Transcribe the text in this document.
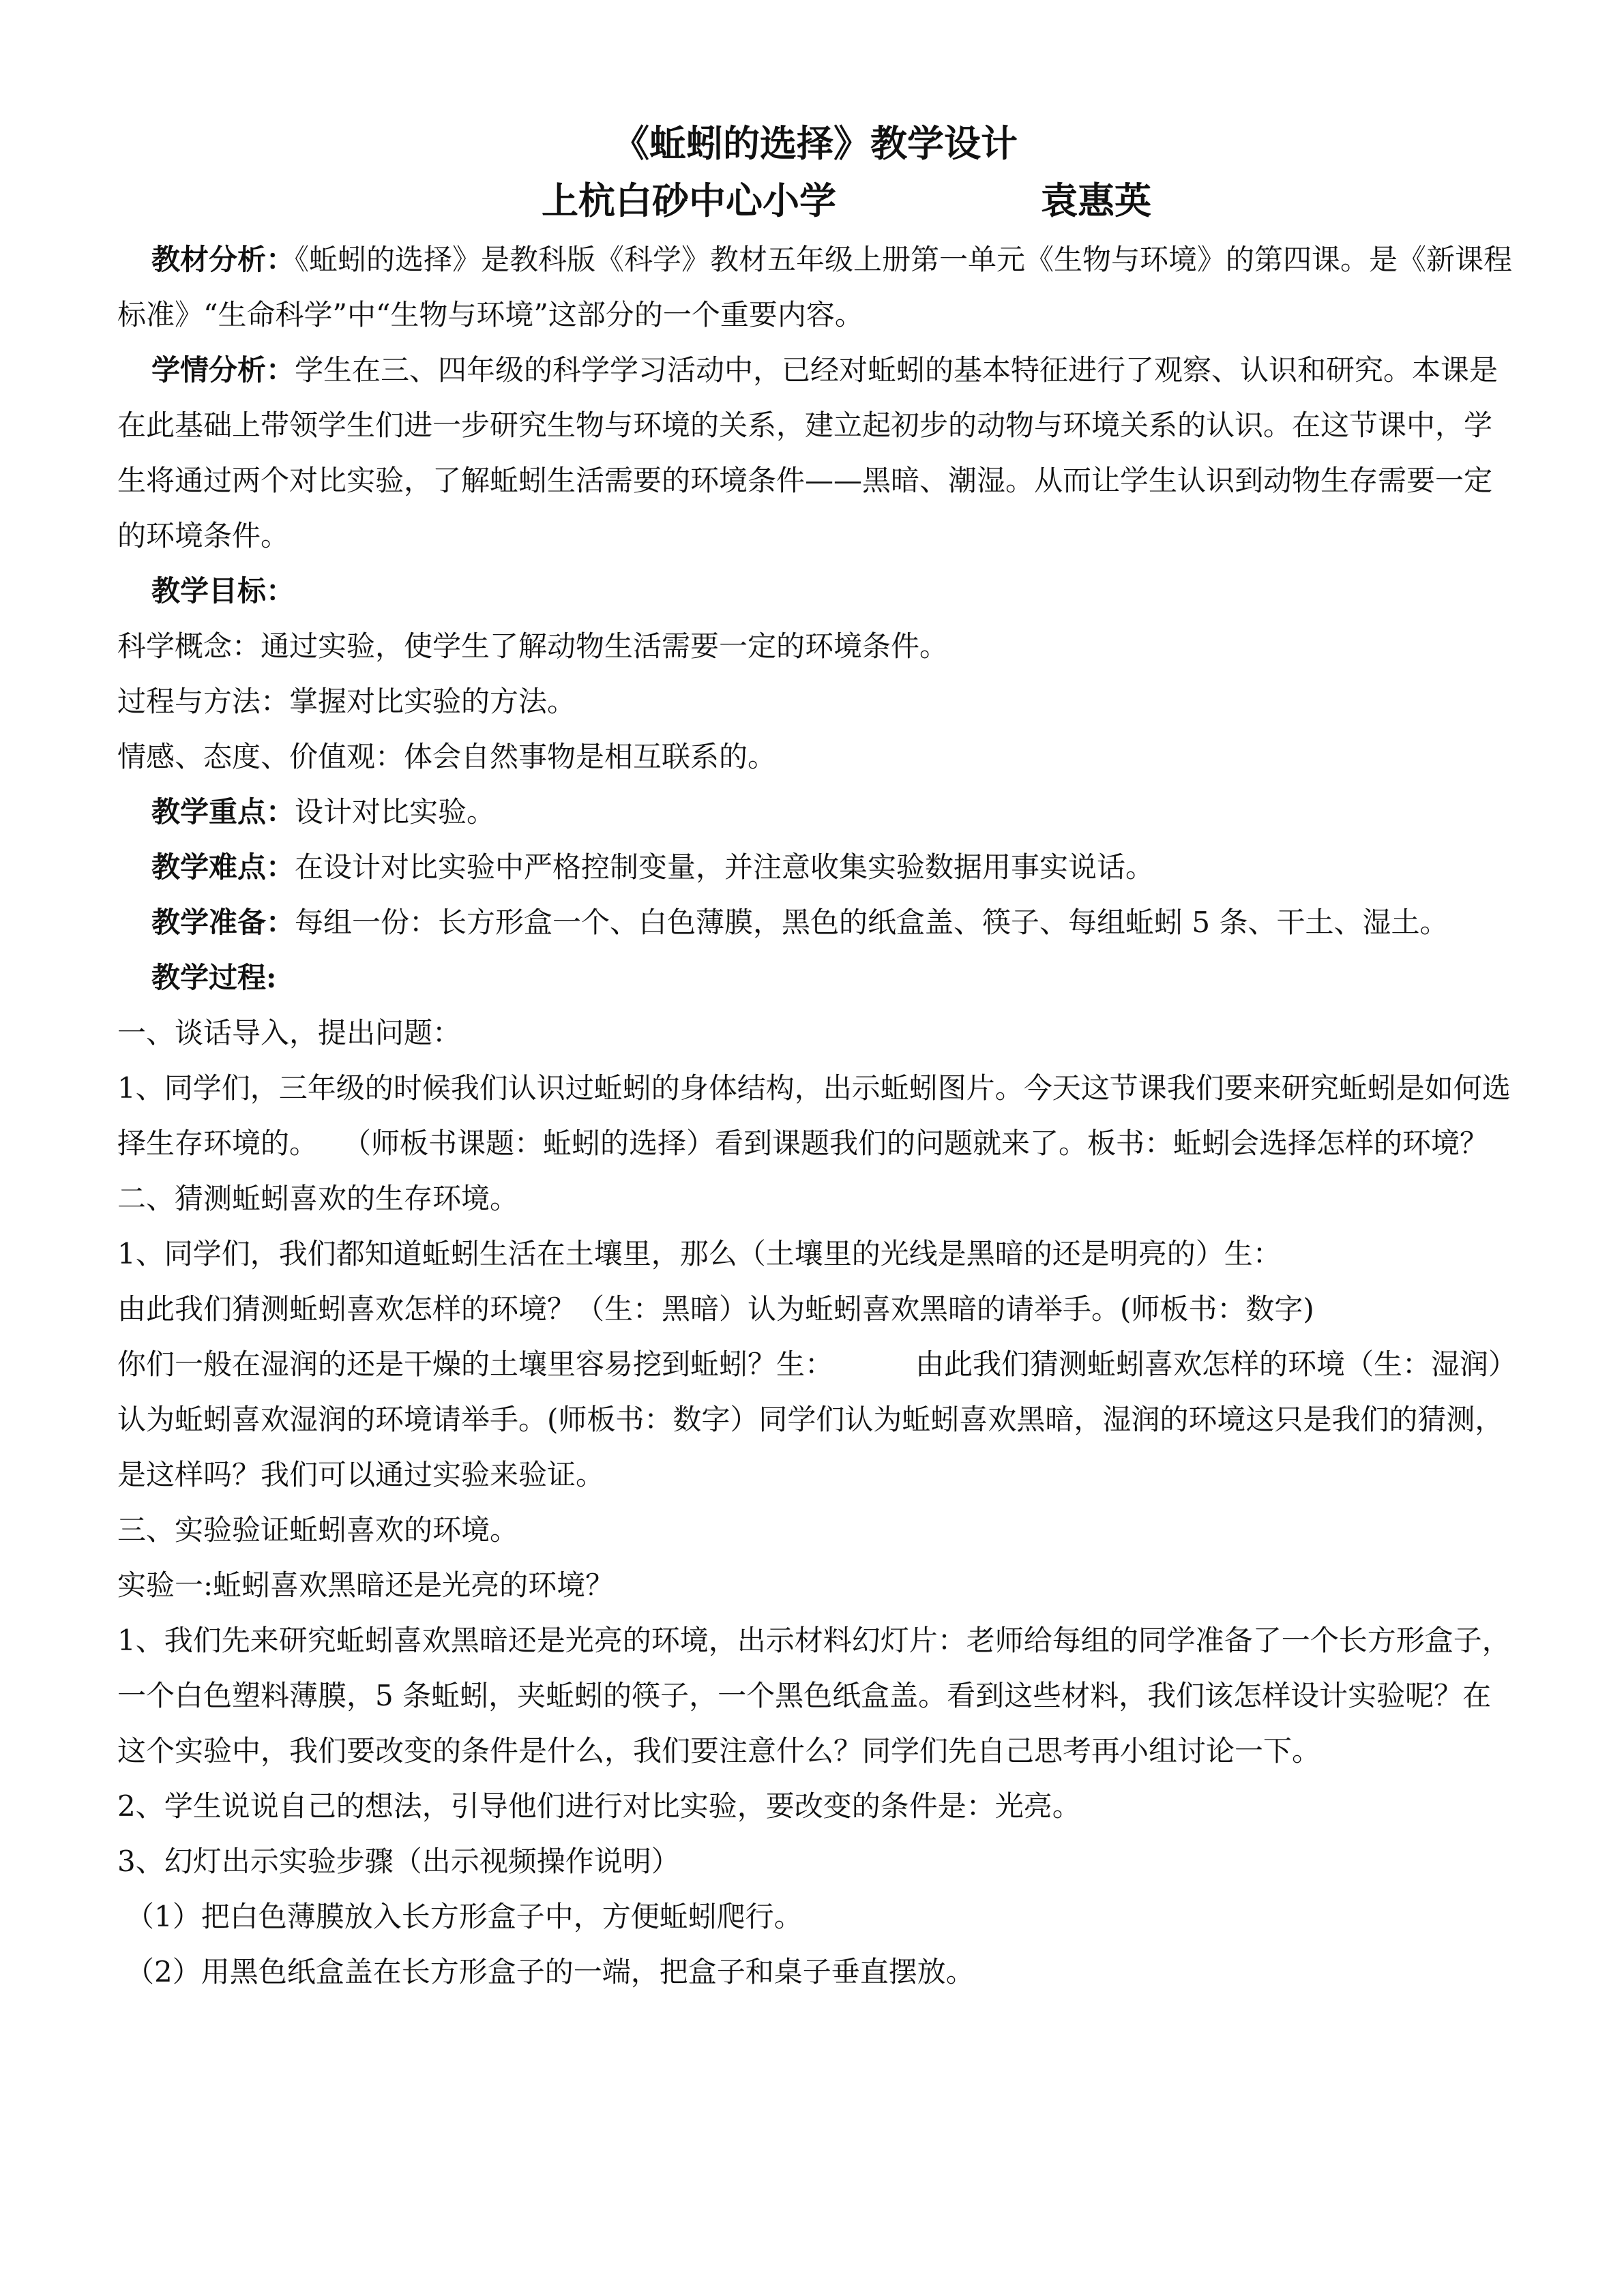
《蚯蚓的选择》教学设计
上杭白砂中心小学	袁惠英

教材分析：《蚯蚓的选择》是教科版《科学》教材五年级上册第一单元《生物与环境》的第四课。是《新课程标准》“生命科学”中“生物与环境”这部分的一个重要内容。

学情分析：学生在三、四年级的科学学习活动中，已经对蚯蚓的基本特征进行了观察、认识和研究。本课是在此基础上带领学生们进一步研究生物与环境的关系，建立起初步的动物与环境关系的认识。在这节课中，学生将通过两个对比实验，了解蚯蚓生活需要的环境条件——黑暗、潮湿。从而让学生认识到动物生存需要一定的环境条件。

教学目标：

科学概念：通过实验，使学生了解动物生活需要一定的环境条件。

过程与方法：掌握对比实验的方法。

情感、态度、价值观：体会自然事物是相互联系的。

教学重点：设计对比实验。

教学难点：在设计对比实验中严格控制变量，并注意收集实验数据用事实说话。

教学准备：每组一份：长方形盒一个、白色薄膜，黑色的纸盒盖、筷子、每组蚯蚓 5 条、干土、湿土。

教学过程:

一、谈话导入，提出问题：

1、同学们，三年级的时候我们认识过蚯蚓的身体结构，出示蚯蚓图片。今天这节课我们要来研究蚯蚓是如何选择生存环境的。 （师板书课题：蚯蚓的选择）看到课题我们的问题就来了。板书：蚯蚓会选择怎样的环境？

二、猜测蚯蚓喜欢的生存环境。

1、同学们，我们都知道蚯蚓生活在土壤里，那么（土壤里的光线是黑暗的还是明亮的）生：

由此我们猜测蚯蚓喜欢怎样的环境？（生：黑暗）认为蚯蚓喜欢黑暗的请举手。(师板书：数字)

你们一般在湿润的还是干燥的土壤里容易挖到蚯蚓？生：	由此我们猜测蚯蚓喜欢怎样的环境（生：湿润）认为蚯蚓喜欢湿润的环境请举手。(师板书：数字）同学们认为蚯蚓喜欢黑暗，湿润的环境这只是我们的猜测，是这样吗？我们可以通过实验来验证。

三、实验验证蚯蚓喜欢的环境。

实验一:蚯蚓喜欢黑暗还是光亮的环境？

1、我们先来研究蚯蚓喜欢黑暗还是光亮的环境，出示材料幻灯片：老师给每组的同学准备了一个长方形盒子，一个白色塑料薄膜，5 条蚯蚓，夹蚯蚓的筷子，一个黑色纸盒盖。看到这些材料，我们该怎样设计实验呢？在这个实验中，我们要改变的条件是什么，我们要注意什么？同学们先自己思考再小组讨论一下。

2、学生说说自己的想法，引导他们进行对比实验，要改变的条件是：光亮。

3、幻灯出示实验步骤（出示视频操作说明）

（1）把白色薄膜放入长方形盒子中，方便蚯蚓爬行。

（2）用黑色纸盒盖在长方形盒子的一端，把盒子和桌子垂直摆放。
